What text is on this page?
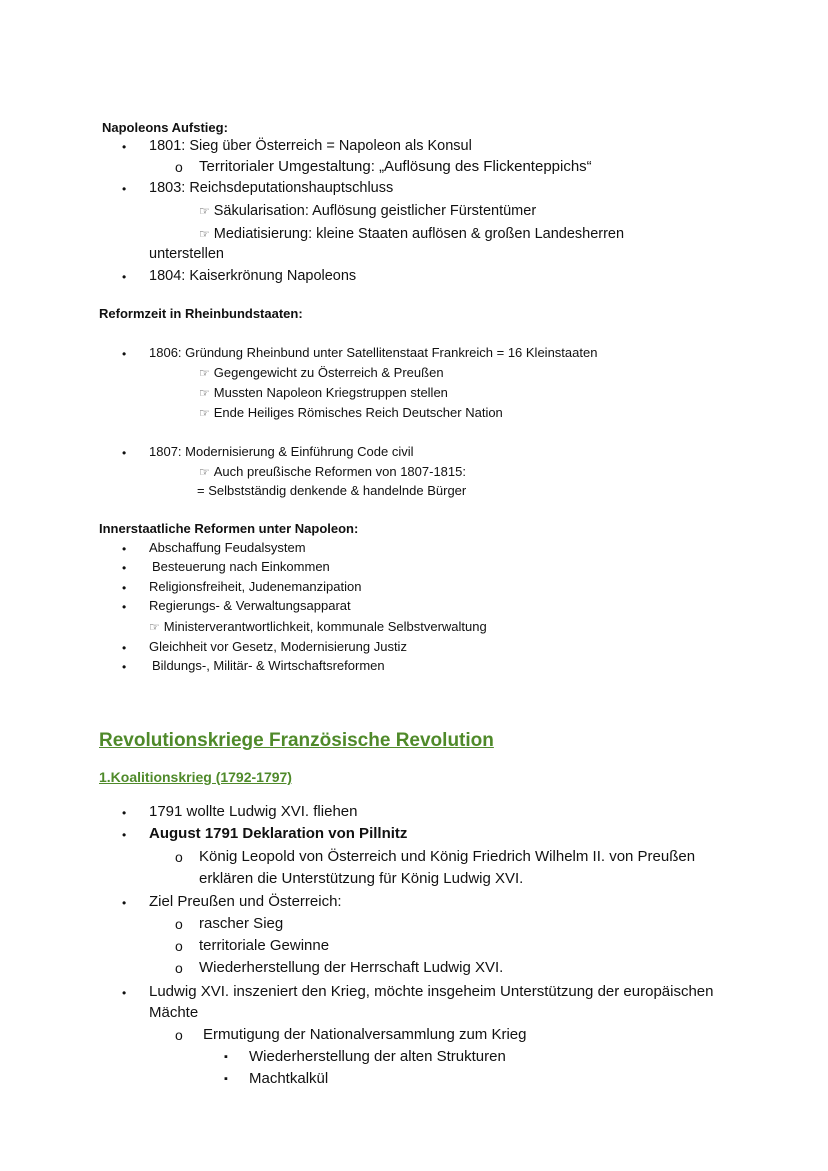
Napoleons Aufstieg:
• 1801: Sieg über Österreich = Napoleon als Konsul
o Territorialer Umgestaltung: „Auflösung des Flickenteppichs“
• 1803: Reichsdeputationshauptschluss
☞ Säkularisation: Auflösung geistlicher Fürstentümer
☞ Mediatisierung: kleine Staaten auflösen & großen Landesherren
unterstellen
• 1804: Kaiserkrönung Napoleons
Reformzeit in Rheinbundstaaten:
• 1806: Gründung Rheinbund unter Satellitenstaat Frankreich = 16 Kleinstaaten
☞ Gegengewicht zu Österreich & Preußen
☞ Mussten Napoleon Kriegstruppen stellen
☞ Ende Heiliges Römisches Reich Deutscher Nation
• 1807: Modernisierung & Einführung Code civil
☞ Auch preußische Reformen von 1807-1815:
= Selbstständig denkende & handelnde Bürger
Innerstaatliche Reformen unter Napoleon:
• Abschaffung Feudalsystem
• Besteuerung nach Einkommen
• Religionsfreiheit, Judenemanzipation
• Regierungs- & Verwaltungsapparat
☞ Ministerverantwortlichkeit, kommunale Selbstverwaltung
• Gleichheit vor Gesetz, Modernisierung Justiz
• Bildungs-, Militär- & Wirtschaftsreformen
Revolutionskriege Französische Revolution
1.Koalitionskrieg (1792-1797)
• 1791 wollte Ludwig XVI. fliehen
• August 1791 Deklaration von Pillnitz
o König Leopold von Österreich und König Friedrich Wilhelm II. von Preußen
erklären die Unterstützung für König Ludwig XVI.
• Ziel Preußen und Österreich:
o rascher Sieg
o territoriale Gewinne
o Wiederherstellung der Herrschaft Ludwig XVI.
• Ludwig XVI. inszeniert den Krieg, möchte insgeheim Unterstützung der europäischen
Mächte
o Ermutigung der Nationalversammlung zum Krieg
▪ Wiederherstellung der alten Strukturen
▪ Machtkalkül
